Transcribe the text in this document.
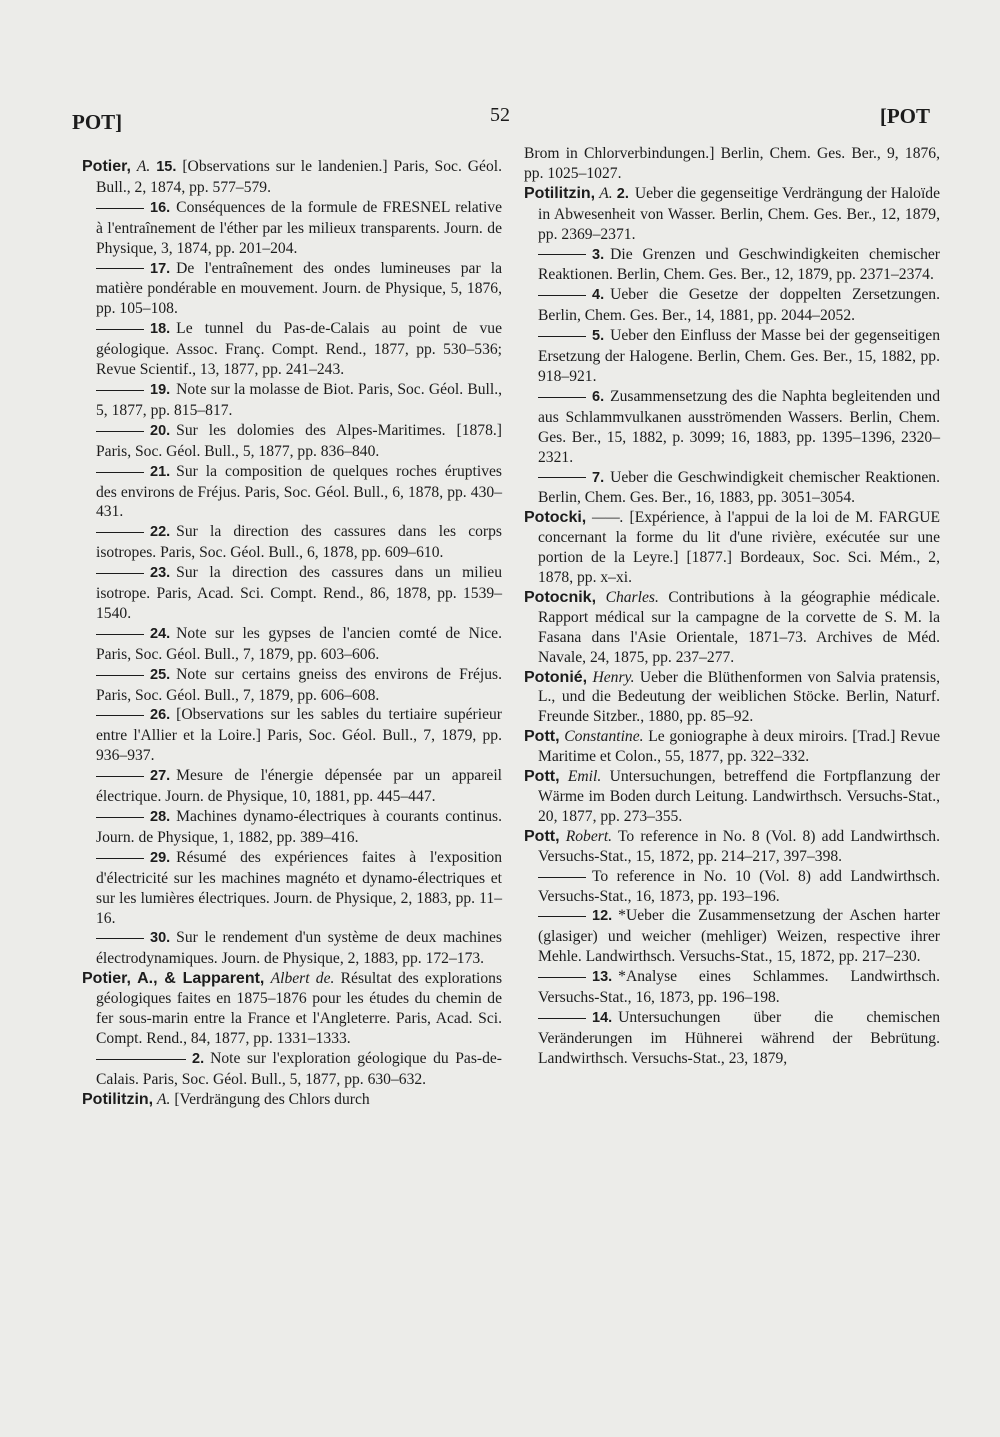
POT]	52	[POT

Potier, A. 15. [Observations sur le landenien.] Paris, Soc. Géol. Bull., 2, 1874, pp. 577–579.

16. Conséquences de la formule de FRESNEL relative à l'entraînement de l'éther par les milieux transparents. Journ. de Physique, 3, 1874, pp. 201–204.

17. De l'entraînement des ondes lumineuses par la matière pondérable en mouvement. Journ. de Physique, 5, 1876, pp. 105–108.

18. Le tunnel du Pas-de-Calais au point de vue géologique. Assoc. Franç. Compt. Rend., 1877, pp. 530–536; Revue Scientif., 13, 1877, pp. 241–243.

19. Note sur la molasse de Biot. Paris, Soc. Géol. Bull., 5, 1877, pp. 815–817.

20. Sur les dolomies des Alpes-Maritimes. [1878.] Paris, Soc. Géol. Bull., 5, 1877, pp. 836–840.

21. Sur la composition de quelques roches éruptives des environs de Fréjus. Paris, Soc. Géol. Bull., 6, 1878, pp. 430–431.

22. Sur la direction des cassures dans les corps isotropes. Paris, Soc. Géol. Bull., 6, 1878, pp. 609–610.

23. Sur la direction des cassures dans un milieu isotrope. Paris, Acad. Sci. Compt. Rend., 86, 1878, pp. 1539–1540.

24. Note sur les gypses de l'ancien comté de Nice. Paris, Soc. Géol. Bull., 7, 1879, pp. 603–606.

25. Note sur certains gneiss des environs de Fréjus. Paris, Soc. Géol. Bull., 7, 1879, pp. 606–608.

26. [Observations sur les sables du tertiaire supérieur entre l'Allier et la Loire.] Paris, Soc. Géol. Bull., 7, 1879, pp. 936–937.

27. Mesure de l'énergie dépensée par un appareil électrique. Journ. de Physique, 10, 1881, pp. 445–447.

28. Machines dynamo-électriques à courants continus. Journ. de Physique, 1, 1882, pp. 389–416.

29. Résumé des expériences faites à l'exposition d'électricité sur les machines magnéto et dynamo-électriques et sur les lumières électriques. Journ. de Physique, 2, 1883, pp. 11–16.

30. Sur le rendement d'un système de deux machines électrodynamiques. Journ. de Physique, 2, 1883, pp. 172–173.

Potier, A., & Lapparent, Albert de. Résultat des explorations géologiques faites en 1875–1876 pour les études du chemin de fer sous-marin entre la France et l'Angleterre. Paris, Acad. Sci. Compt. Rend., 84, 1877, pp. 1331–1333.

2. Note sur l'exploration géologique du Pas-de-Calais. Paris, Soc. Géol. Bull., 5, 1877, pp. 630–632.

Potilitzin, A. [Verdrängung des Chlors durch

Brom in Chlorverbindungen.] Berlin, Chem. Ges. Ber., 9, 1876, pp. 1025–1027.

Potilitzin, A. 2. Ueber die gegenseitige Verdrängung der Haloïde in Abwesenheit von Wasser. Berlin, Chem. Ges. Ber., 12, 1879, pp. 2369–2371.

3. Die Grenzen und Geschwindigkeiten chemischer Reaktionen. Berlin, Chem. Ges. Ber., 12, 1879, pp. 2371–2374.

4. Ueber die Gesetze der doppelten Zersetzungen. Berlin, Chem. Ges. Ber., 14, 1881, pp. 2044–2052.

5. Ueber den Einfluss der Masse bei der gegenseitigen Ersetzung der Halogene. Berlin, Chem. Ges. Ber., 15, 1882, pp. 918–921.

6. Zusammensetzung des die Naphta begleitenden und aus Schlammvulkanen ausströmenden Wassers. Berlin, Chem. Ges. Ber., 15, 1882, p. 3099; 16, 1883, pp. 1395–1396, 2320–2321.

7. Ueber die Geschwindigkeit chemischer Reaktionen. Berlin, Chem. Ges. Ber., 16, 1883, pp. 3051–3054.

Potocki, ——. [Expérience, à l'appui de la loi de M. FARGUE concernant la forme du lit d'une rivière, exécutée sur une portion de la Leyre.] [1877.] Bordeaux, Soc. Sci. Mém., 2, 1878, pp. x–xi.

Potocnik, Charles. Contributions à la géographie médicale. Rapport médical sur la campagne de la corvette de S. M. la Fasana dans l'Asie Orientale, 1871–73. Archives de Méd. Navale, 24, 1875, pp. 237–277.

Potonié, Henry. Ueber die Blüthenformen von Salvia pratensis, L., und die Bedeutung der weiblichen Stöcke. Berlin, Naturf. Freunde Sitzber., 1880, pp. 85–92.

Pott, Constantine. Le goniographe à deux miroirs. [Trad.] Revue Maritime et Colon., 55, 1877, pp. 322–332.

Pott, Emil. Untersuchungen, betreffend die Fortpflanzung der Wärme im Boden durch Leitung. Landwirthsch. Versuchs-Stat., 20, 1877, pp. 273–355.

Pott, Robert. To reference in No. 8 (Vol. 8) add Landwirthsch. Versuchs-Stat., 15, 1872, pp. 214–217, 397–398.

To reference in No. 10 (Vol. 8) add Landwirthsch. Versuchs-Stat., 16, 1873, pp. 193–196.

12. *Ueber die Zusammensetzung der Aschen harter (glasiger) und weicher (mehliger) Weizen, respective ihrer Mehle. Landwirthsch. Versuchs-Stat., 15, 1872, pp. 217–230.

13. *Analyse eines Schlammes. Landwirthsch. Versuchs-Stat., 16, 1873, pp. 196–198.

14. Untersuchungen über die chemischen Veränderungen im Hühnerei während der Bebrütung. Landwirthsch. Versuchs-Stat., 23, 1879,
